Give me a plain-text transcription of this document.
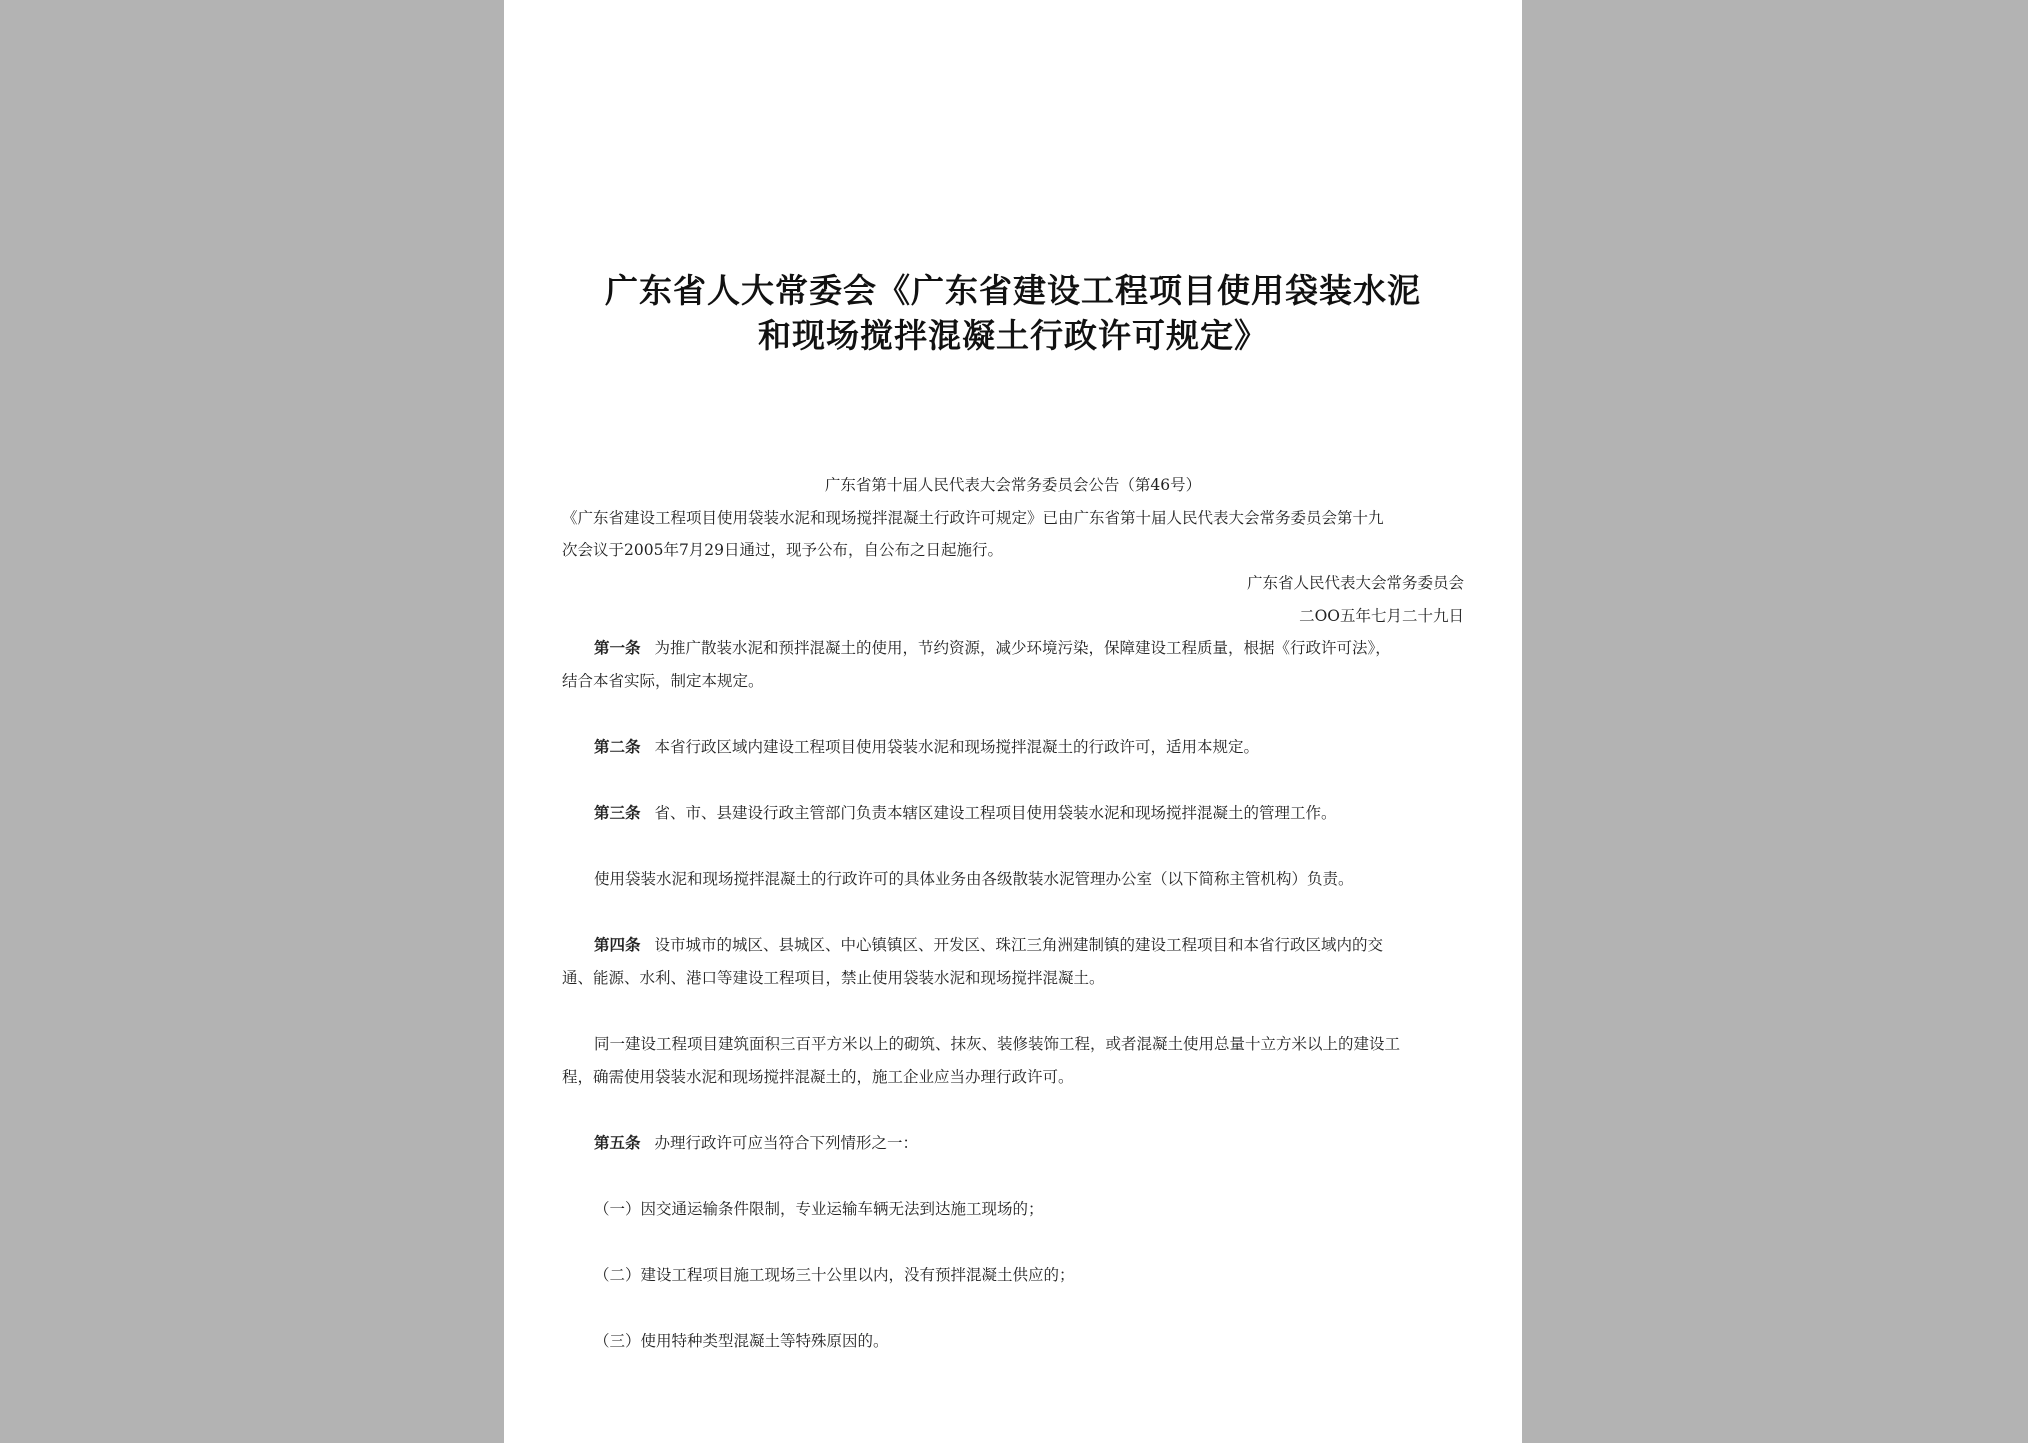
广东省人大常委会《广东省建设工程项目使用袋装水泥
和现场搅拌混凝土行政许可规定》
广东省第十届人民代表大会常务委员会公告（第46号）
《广东省建设工程项目使用袋装水泥和现场搅拌混凝土行政许可规定》已由广东省第十届人民代表大会常务委员会第十九
次会议于2005年7月29日通过，现予公布，自公布之日起施行。
广东省人民代表大会常务委员会
二OO五年七月二十九日
第一条 为推广散装水泥和预拌混凝土的使用，节约资源，减少环境污染，保障建设工程质量，根据《行政许可法》，
结合本省实际，制定本规定。
第二条 本省行政区域内建设工程项目使用袋装水泥和现场搅拌混凝土的行政许可，适用本规定。
第三条 省、市、县建设行政主管部门负责本辖区建设工程项目使用袋装水泥和现场搅拌混凝土的管理工作。
使用袋装水泥和现场搅拌混凝土的行政许可的具体业务由各级散装水泥管理办公室（以下简称主管机构）负责。
第四条 设市城市的城区、县城区、中心镇镇区、开发区、珠江三角洲建制镇的建设工程项目和本省行政区域内的交
通、能源、水利、港口等建设工程项目，禁止使用袋装水泥和现场搅拌混凝土。
同一建设工程项目建筑面积三百平方米以上的砌筑、抹灰、装修装饰工程，或者混凝土使用总量十立方米以上的建设工
程，确需使用袋装水泥和现场搅拌混凝土的，施工企业应当办理行政许可。
第五条 办理行政许可应当符合下列情形之一：
（一）因交通运输条件限制，专业运输车辆无法到达施工现场的；
（二）建设工程项目施工现场三十公里以内，没有预拌混凝土供应的；
（三）使用特种类型混凝土等特殊原因的。
